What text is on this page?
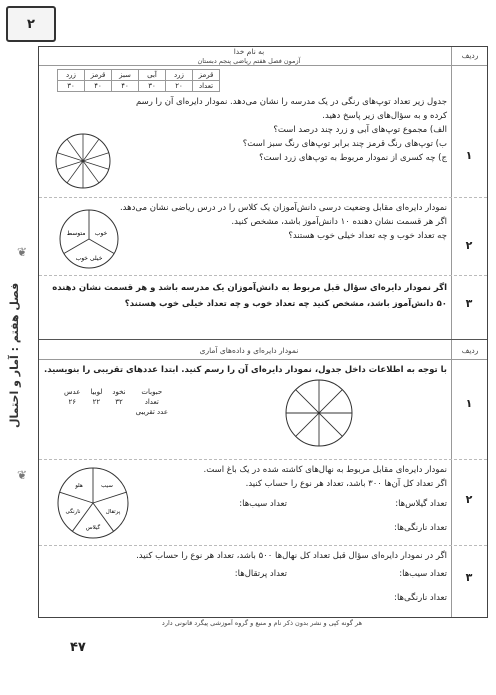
۲
❦
فصل هفتم : آمار و احتمال
❦
ردیف
به نام خدا
آزمون فصل هفتم ریاضی پنجم دبستان
۱
قرمز	زرد	آبی	سبز	قرمز	زرد
تعداد	۲۰	۳۰	۴۰	۴۰	۳۰
جدول زیر تعداد توپ‌های رنگی در یک مدرسه را نشان می‌دهد. نمودار دایره‌ای آن را رسم
کرده و به سؤال‌های زیر پاسخ دهید.
الف) مجموع توپ‌های آبی و زرد چند درصد است؟
ب) توپ‌های رنگ قرمز چند برابر توپ‌های رنگ سبز است؟
ج) چه کسری از نمودار مربوط به توپ‌های زرد است؟
۲
نمودار دایره‌ای مقابل وضعیت درسی دانش‌آموزان یک کلاس را در درس ریاضی نشان می‌دهد.
اگر هر قسمت نشان دهنده ۱۰ دانش‌آموز باشد، مشخص کنید.
چه تعداد خوب و چه تعداد خیلی خوب هستند؟
خوب
خیلی خوب
متوسط
۳
اگر نمودار دایره‌ای سؤال قبل مربوط به دانش‌آموزان یک مدرسه باشد و هر قسمت نشان دهنده
۵۰ دانش‌آموز باشد، مشخص کنید چه تعداد خوب و چه تعداد خیلی خوب هستند؟
ردیف
نمودار دایره‌ای و داده‌های آماری
۱
با توجه به اطلاعات داخل جدول، نمودار دایره‌ای آن را رسم کنید. ابتدا عددهای تقریبی را بنویسید.
حبوبات	نخود	لوبیا	عدس
تعداد	۳۲	۲۲	۲۶
عدد تقریبی			
۲
نمودار دایره‌ای مقابل مربوط به نهال‌های کاشته شده در یک باغ است.
اگر تعداد کل آن‌ها ۳۰۰ باشد، تعداد هر نوع را حساب کنید.
تعداد گیلاس‌ها:
تعداد سیب‌ها:
تعداد نارنگی‌ها:
سیب
پرتقال
گیلاس
نارنگی
هلو
۳
اگر در نمودار دایره‌ای سؤال قبل تعداد کل نهال‌ها ۵۰۰ باشد، تعداد هر نوع را حساب کنید.
تعداد سیب‌ها:
تعداد پرتقال‌ها:
تعداد نارنگی‌ها:
هر گونه کپی و نشر بدون ذکر نام و منبع و گروه آموزشی پیگرد قانونی دارد
۴۷
